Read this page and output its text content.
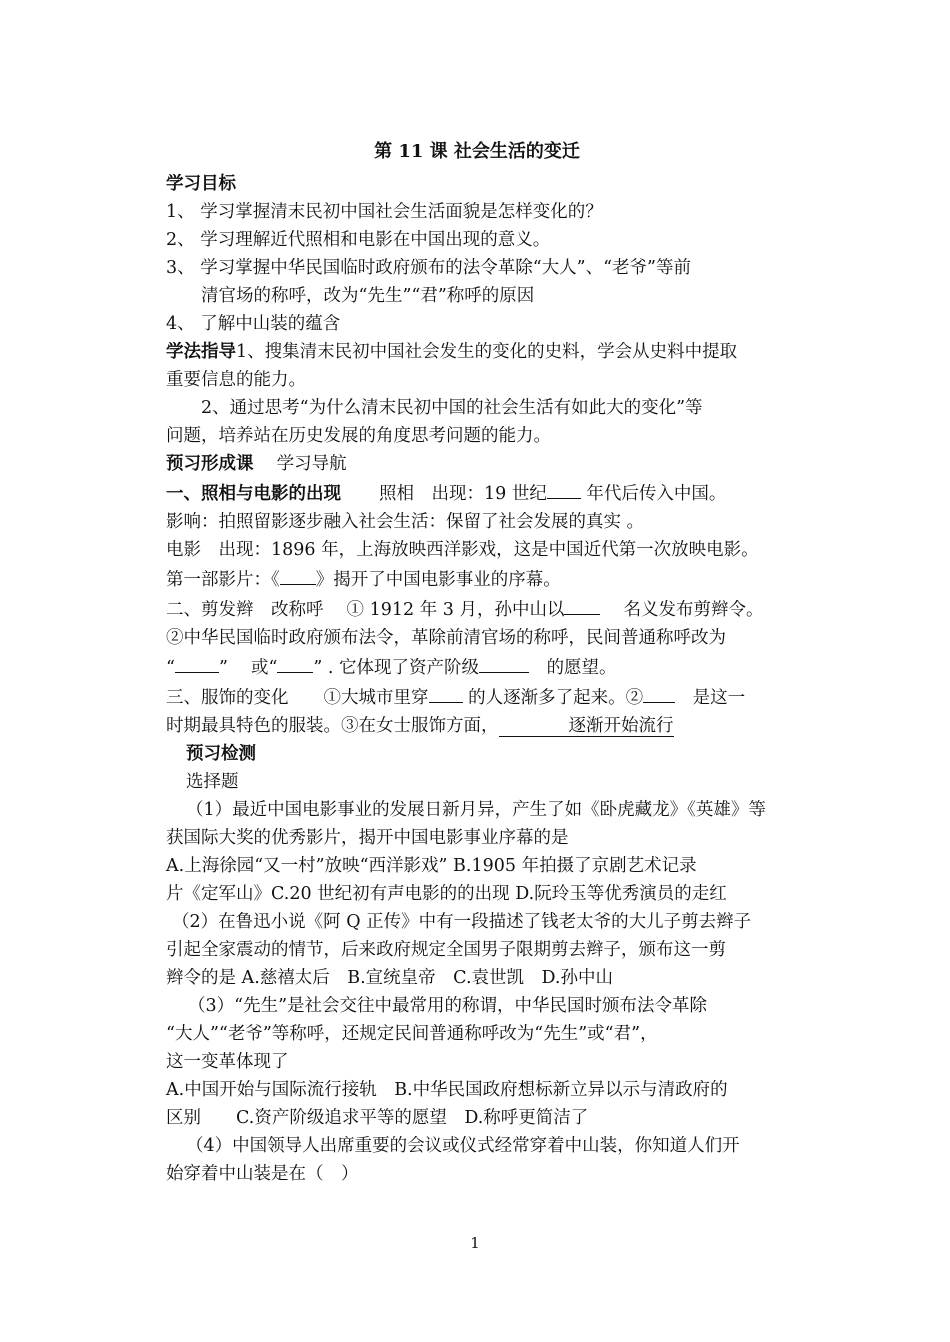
第 11 课 社会生活的变迁
学习目标
1、 学习掌握清末民初中国社会生活面貌是怎样变化的？
2、 学习理解近代照相和电影在中国出现的意义。
3、 学习掌握中华民国临时政府颁布的法令革除“大人”、“老爷”等前
清官场的称呼，改为“先生”“君”称呼的原因
4、 了解中山装的蕴含
学法指导1、搜集清末民初中国社会发生的变化的史料，学会从史料中提取
重要信息的能力。
2、通过思考“为什么清末民初中国的社会生活有如此大的变化”等
问题，培养站在历史发展的角度思考问题的能力。
预习形成课　 学习导航
一、照相与电影的出现 照相　出现：19 世纪 年代后传入中国。
影响：拍照留影逐步融入社会生活：保留了社会发展的真实 。
电影　出现：1896 年，上海放映西洋影戏，这是中国近代第一次放映电影。
第一部影片：《 》揭开了中国电影事业的序幕。
二、剪发辫　改称呼　 ① 1912 年 3 月，孙中山以　	名义发布剪辫令。
②中华民国临时政府颁布法令，革除前清官场的称呼，民间普通称呼改为
“	”　 或“ ” . 它体现了资产阶级　	的愿望。
三、服饰的变化　　①大城市里穿 的人逐渐多了起来。②　	是这一
时期最具特色的服装。③在女士服饰方面，	逐渐开始流行
预习检测
选择题
（1）最近中国电影事业的发展日新月异，产生了如《卧虎藏龙》《英雄》等
获国际大奖的优秀影片，揭开中国电影事业序幕的是
A.上海徐园“又一村”放映“西洋影戏” B.1905 年拍摄了京剧艺术记录
片《定军山》C.20 世纪初有声电影的的出现 D.阮玲玉等优秀演员的走红
（2）在鲁迅小说《阿 Q 正传》中有一段描述了钱老太爷的大儿子剪去辫子
引起全家震动的情节，后来政府规定全国男子限期剪去辫子，颁布这一剪
辫令的是 A.慈禧太后　B.宣统皇帝　C.袁世凯　D.孙中山
（3）“先生”是社会交往中最常用的称谓，中华民国时颁布法令革除
“大人”“老爷”等称呼，还规定民间普通称呼改为“先生”或“君”，
这一变革体现了
A.中国开始与国际流行接轨　B.中华民国政府想标新立异以示与清政府的
区别　　C.资产阶级追求平等的愿望　D.称呼更简洁了
（4）中国领导人出席重要的会议或仪式经常穿着中山装，你知道人们开
始穿着中山装是在（　）
1
